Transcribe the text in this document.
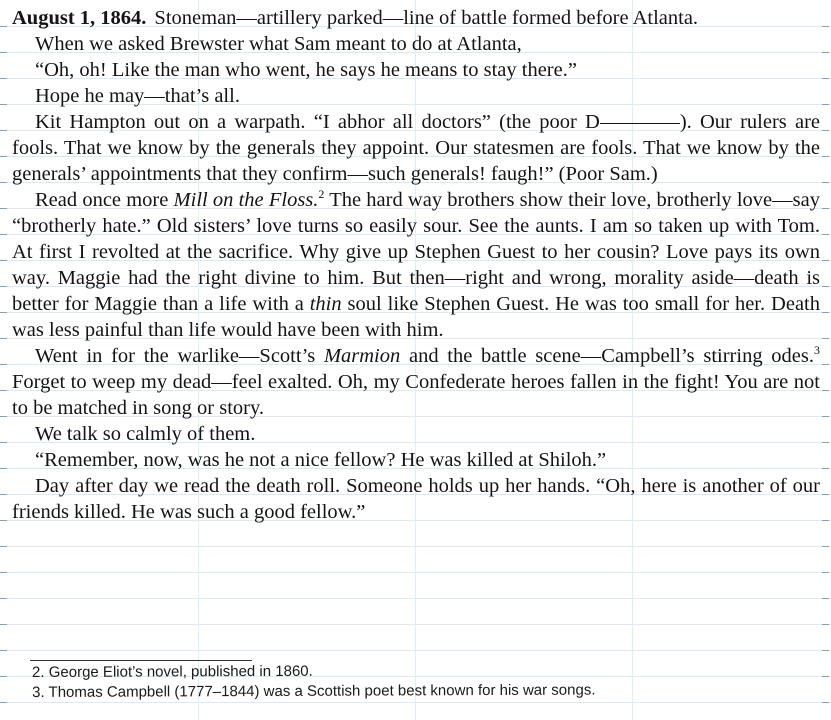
August 1, 1864. Stoneman—artillery parked—line of battle formed before Atlanta.

When we asked Brewster what Sam meant to do at Atlanta,

“Oh, oh! Like the man who went, he says he means to stay there.”

Hope he may—that’s all.

Kit Hampton out on a warpath. “I abhor all doctors” (the poor D	). Our rulers are fools. That we know by the generals they appoint. Our statesmen are fools. That we know by the generals’ appointments that they confirm—such generals! faugh!” (Poor Sam.)

Read once more Mill on the Floss.$^2$ The hard way brothers show their love, brotherly love—say “brotherly hate.” Old sisters’ love turns so easily sour. See the aunts. I am so taken up with Tom. At first I revolted at the sacrifice. Why give up Stephen Guest to her cousin? Love pays its own way. Maggie had the right divine to him. But then—right and wrong, morality aside—death is better for Maggie than a life with a thin soul like Stephen Guest. He was too small for her. Death was less painful than life would have been with him.

Went in for the warlike—Scott’s Marmion and the battle scene—Campbell’s stirring odes.$^3$ Forget to weep my dead—feel exalted. Oh, my Confederate heroes fallen in the fight! You are not to be matched in song or story.

We talk so calmly of them.

“Remember, now, was he not a nice fellow? He was killed at Shiloh.”

Day after day we read the death roll. Someone holds up her hands. “Oh, here is another of our friends killed. He was such a good fellow.”

2. George Eliot’s novel, published in 1860.
3. Thomas Campbell (1777–1844) was a Scottish poet best known for his war songs.
